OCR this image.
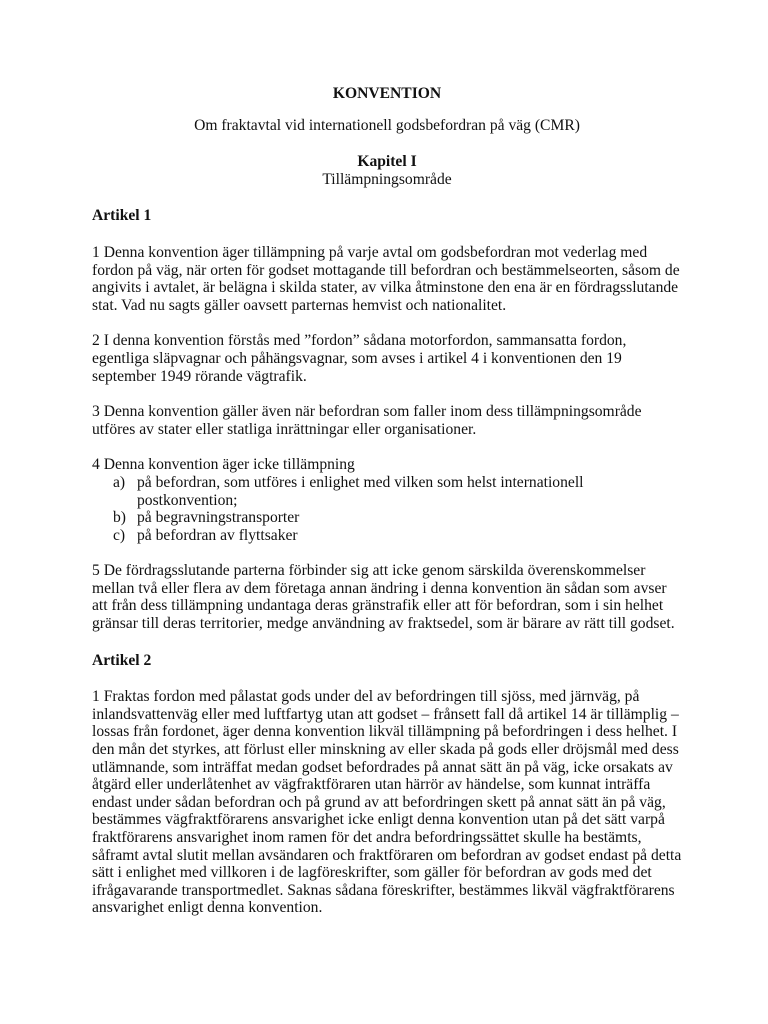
KONVENTION

Om fraktavtal vid internationell godsbefordran på väg (CMR)

Kapitel I

Tillämpningsområde

Artikel 1

1 Denna konvention äger tillämpning på varje avtal om godsbefordran mot vederlag med fordon på väg, när orten för godset mottagande till befordran och bestämmelseorten, såsom de angivits i avtalet, är belägna i skilda stater, av vilka åtminstone den ena är en fördragsslutande stat. Vad nu sagts gäller oavsett parternas hemvist och nationalitet.

2 I denna konvention förstås med ”fordon” sådana motorfordon, sammansatta fordon, egentliga släpvagnar och påhängsvagnar, som avses i artikel 4 i konventionen den 19 september 1949 rörande vägtrafik.

3 Denna konvention gäller även när befordran som faller inom dess tillämpningsområde utföres av stater eller statliga inrättningar eller organisationer.

4 Denna konvention äger icke tillämpning

a) på befordran, som utföres i enlighet med vilken som helst internationell postkonvention;
b) på begravningstransporter
c) på befordran av flyttsaker

5 De fördragsslutande parterna förbinder sig att icke genom särskilda överenskommelser mellan två eller flera av dem företaga annan ändring i denna konvention än sådan som avser att från dess tillämpning undantaga deras gränstrafik eller att för befordran, som i sin helhet gränsar till deras territorier, medge användning av fraktsedel, som är bärare av rätt till godset.

Artikel 2

1 Fraktas fordon med pålastat gods under del av befordringen till sjöss, med järnväg, på inlandsvattenväg eller med luftfartyg utan att godset – frånsett fall då artikel 14 är tillämplig – lossas från fordonet, äger denna konvention likväl tillämpning på befordringen i dess helhet. I den mån det styrkes, att förlust eller minskning av eller skada på gods eller dröjsmål med dess utlämnande, som inträffat medan godset befordrades på annat sätt än på väg, icke orsakats av åtgärd eller underlåtenhet av vägfraktföraren utan härrör av händelse, som kunnat inträffa endast under sådan befordran och på grund av att befordringen skett på annat sätt än på väg, bestämmes vägfraktförarens ansvarighet icke enligt denna konvention utan på det sätt varpå fraktförarens ansvarighet inom ramen för det andra befordringssättet skulle ha bestämts, såframt avtal slutit mellan avsändaren och fraktföraren om befordran av godset endast på detta sätt i enlighet med villkoren i de lagföreskrifter, som gäller för befordran av gods med det ifrågavarande transportmedlet. Saknas sådana föreskrifter, bestämmes likväl vägfraktförarens ansvarighet enligt denna konvention.
